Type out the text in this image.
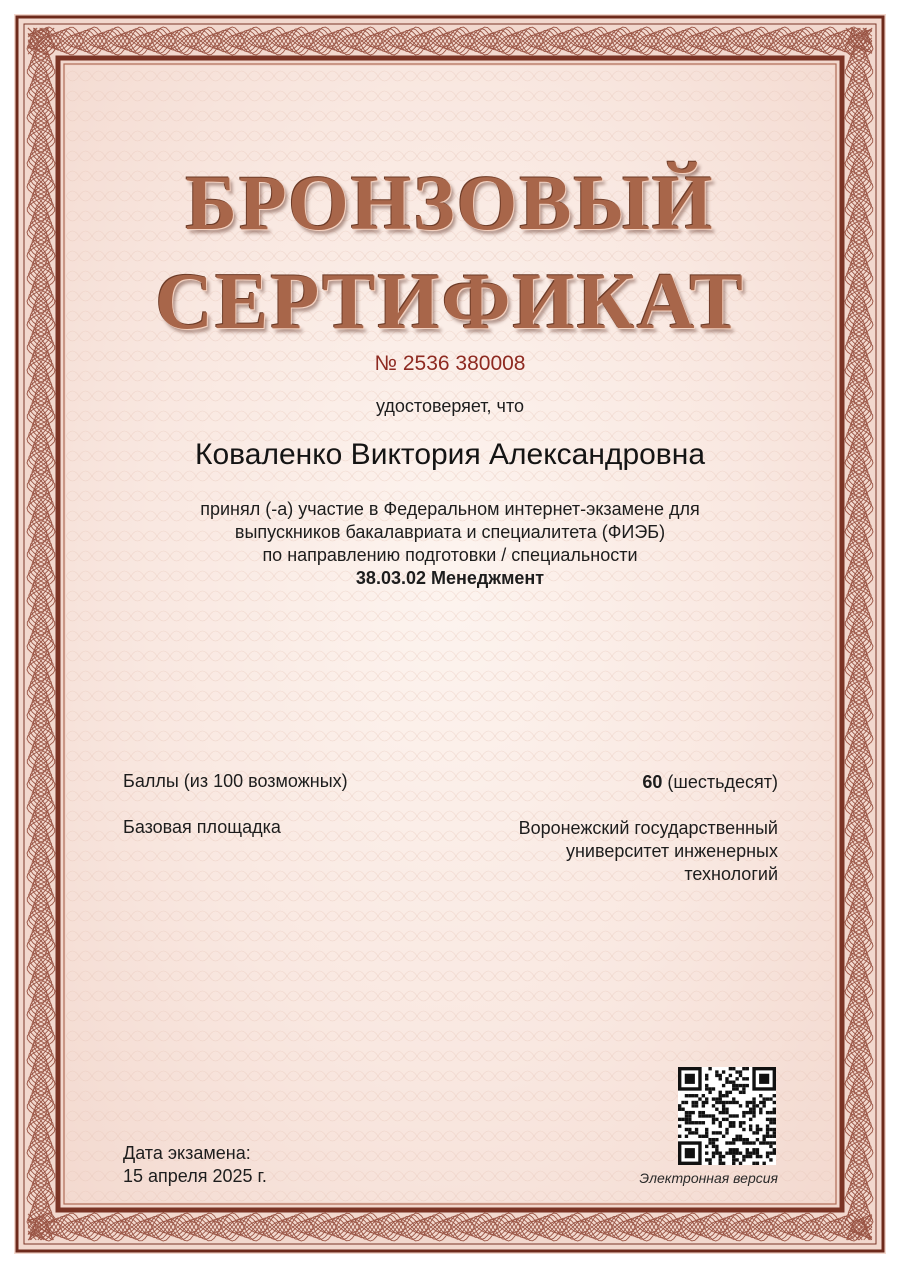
БРОНЗОВЫЙ
СЕРТИФИКАТ
№ 2536 380008
удостоверяет, что
Коваленко Виктория Александровна
принял (-а) участие в Федеральном интернет-экзамене для
выпускников бакалавриата и специалитета (ФИЭБ)
по направлению подготовки / специальности
38.03.02 Менеджмент
Баллы (из 100 возможных)	60 (шестьдесят)
Базовая площадка	Воронежский государственный
университет инженерных
технологий
Дата экзамена:
15 апреля 2025 г.	Электронная версия
